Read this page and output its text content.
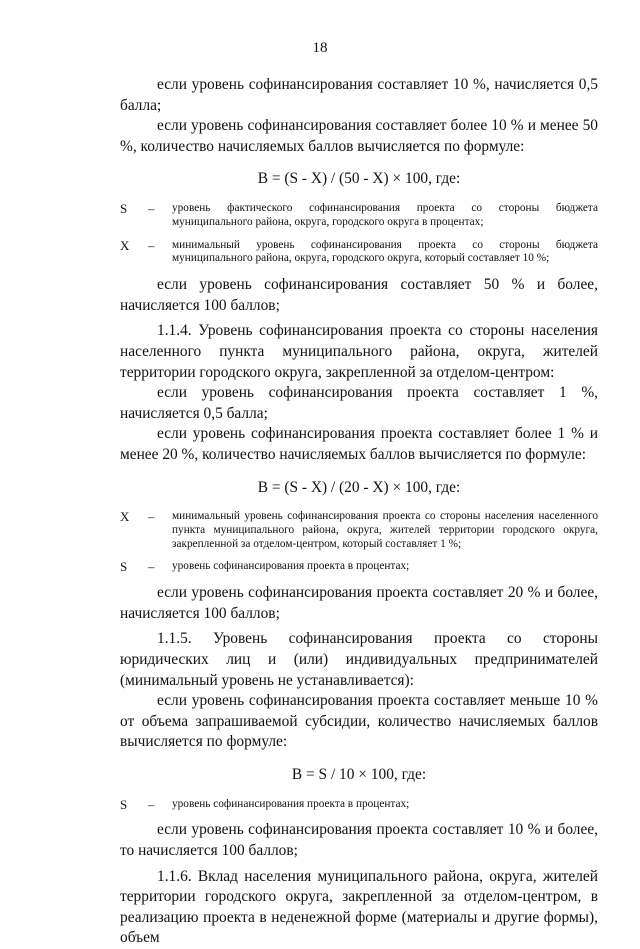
18

если уровень софинансирования составляет 10 %, начисляется 0,5 балла;

если уровень софинансирования составляет более 10 % и менее 50 %, количество начисляемых баллов вычисляется по формуле:

В = (S - X) / (50 - X) × 100, где:

S	–	уровень фактического софинансирования проекта со стороны бюджета муниципального района, округа, городского округа в процентах;
X	–	минимальный уровень софинансирования проекта со стороны бюджета муниципального района, округа, городского округа, который составляет 10 %;

если уровень софинансирования составляет 50 % и более, начисляется 100 баллов;

1.1.4. Уровень софинансирования проекта со стороны населения населенного пункта муниципального района, округа, жителей территории городского округа, закрепленной за отделом-центром:

если уровень софинансирования проекта составляет 1 %, начисляется 0,5 балла;

если уровень софинансирования проекта составляет более 1 % и менее 20 %, количество начисляемых баллов вычисляется по формуле:

В = (S - X) / (20 - X) × 100, где:

X	–	минимальный уровень софинансирования проекта со стороны населения населенного пункта муниципального района, округа, жителей территории городского округа, закрепленной за отделом-центром, который составляет 1 %;
S	–	уровень софинансирования проекта в процентах;

если уровень софинансирования проекта составляет 20 % и более, начисляется 100 баллов;

1.1.5. Уровень софинансирования проекта со стороны юридических лиц и (или) индивидуальных предпринимателей (минимальный уровень не устанавливается):

если уровень софинансирования проекта составляет меньше 10 % от объема запрашиваемой субсидии, количество начисляемых баллов вычисляется по формуле:

В = S / 10 × 100, где:

S	–	уровень софинансирования проекта в процентах;

если уровень софинансирования проекта составляет 10 % и более, то начисляется 100 баллов;

1.1.6. Вклад населения муниципального района, округа, жителей территории городского округа, закрепленной за отделом-центром, в реализацию проекта в неденежной форме (материалы и другие формы), объем
